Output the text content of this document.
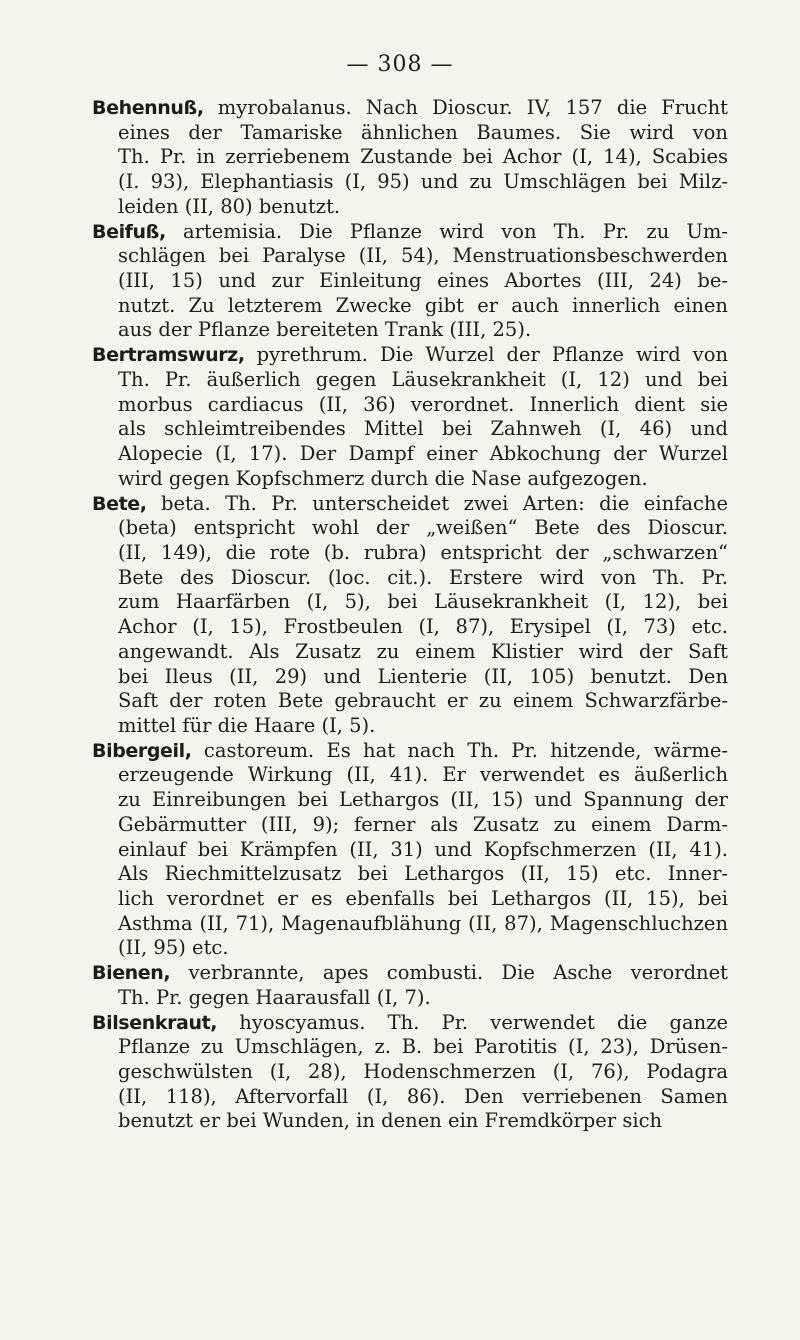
— 308 —
Behennuß, myrobalanus. Nach Dioscur. IV, 157 die Frucht
eines der Tamariske ähnlichen Baumes. Sie wird von
Th. Pr. in zerriebenem Zustande bei Achor (I, 14), Scabies
(I. 93), Elephantiasis (I, 95) und zu Umschlägen bei Milz-
leiden (II, 80) benutzt.
Beifuß, artemisia. Die Pflanze wird von Th. Pr. zu Um-
schlägen bei Paralyse (II, 54), Menstruationsbeschwerden
(III, 15) und zur Einleitung eines Abortes (III, 24) be-
nutzt. Zu letzterem Zwecke gibt er auch innerlich einen
aus der Pflanze bereiteten Trank (III, 25).
Bertramswurz, pyrethrum. Die Wurzel der Pflanze wird von
Th. Pr. äußerlich gegen Läusekrankheit (I, 12) und bei
morbus cardiacus (II, 36) verordnet. Innerlich dient sie
als schleimtreibendes Mittel bei Zahnweh (I, 46) und
Alopecie (I, 17). Der Dampf einer Abkochung der Wurzel
wird gegen Kopfschmerz durch die Nase aufgezogen.
Bete, beta. Th. Pr. unterscheidet zwei Arten: die einfache
(beta) entspricht wohl der „weißen“ Bete des Dioscur.
(II, 149), die rote (b. rubra) entspricht der „schwarzen“
Bete des Dioscur. (loc. cit.). Erstere wird von Th. Pr.
zum Haarfärben (I, 5), bei Läusekrankheit (I, 12), bei
Achor (I, 15), Frostbeulen (I, 87), Erysipel (I, 73) etc.
angewandt. Als Zusatz zu einem Klistier wird der Saft
bei Ileus (II, 29) und Lienterie (II, 105) benutzt. Den
Saft der roten Bete gebraucht er zu einem Schwarzfärbe-
mittel für die Haare (I, 5).
Bibergeil, castoreum. Es hat nach Th. Pr. hitzende, wärme-
erzeugende Wirkung (II, 41). Er verwendet es äußerlich
zu Einreibungen bei Lethargos (II, 15) und Spannung der
Gebärmutter (III, 9); ferner als Zusatz zu einem Darm-
einlauf bei Krämpfen (II, 31) und Kopfschmerzen (II, 41).
Als Riechmittelzusatz bei Lethargos (II, 15) etc. Inner-
lich verordnet er es ebenfalls bei Lethargos (II, 15), bei
Asthma (II, 71), Magenaufblähung (II, 87), Magenschluchzen
(II, 95) etc.
Bienen, verbrannte, apes combusti. Die Asche verordnet
Th. Pr. gegen Haarausfall (I, 7).
Bilsenkraut, hyoscyamus. Th. Pr. verwendet die ganze
Pflanze zu Umschlägen, z. B. bei Parotitis (I, 23), Drüsen-
geschwülsten (I, 28), Hodenschmerzen (I, 76), Podagra
(II, 118), Aftervorfall (I, 86). Den verriebenen Samen
benutzt er bei Wunden, in denen ein Fremdkörper sich
